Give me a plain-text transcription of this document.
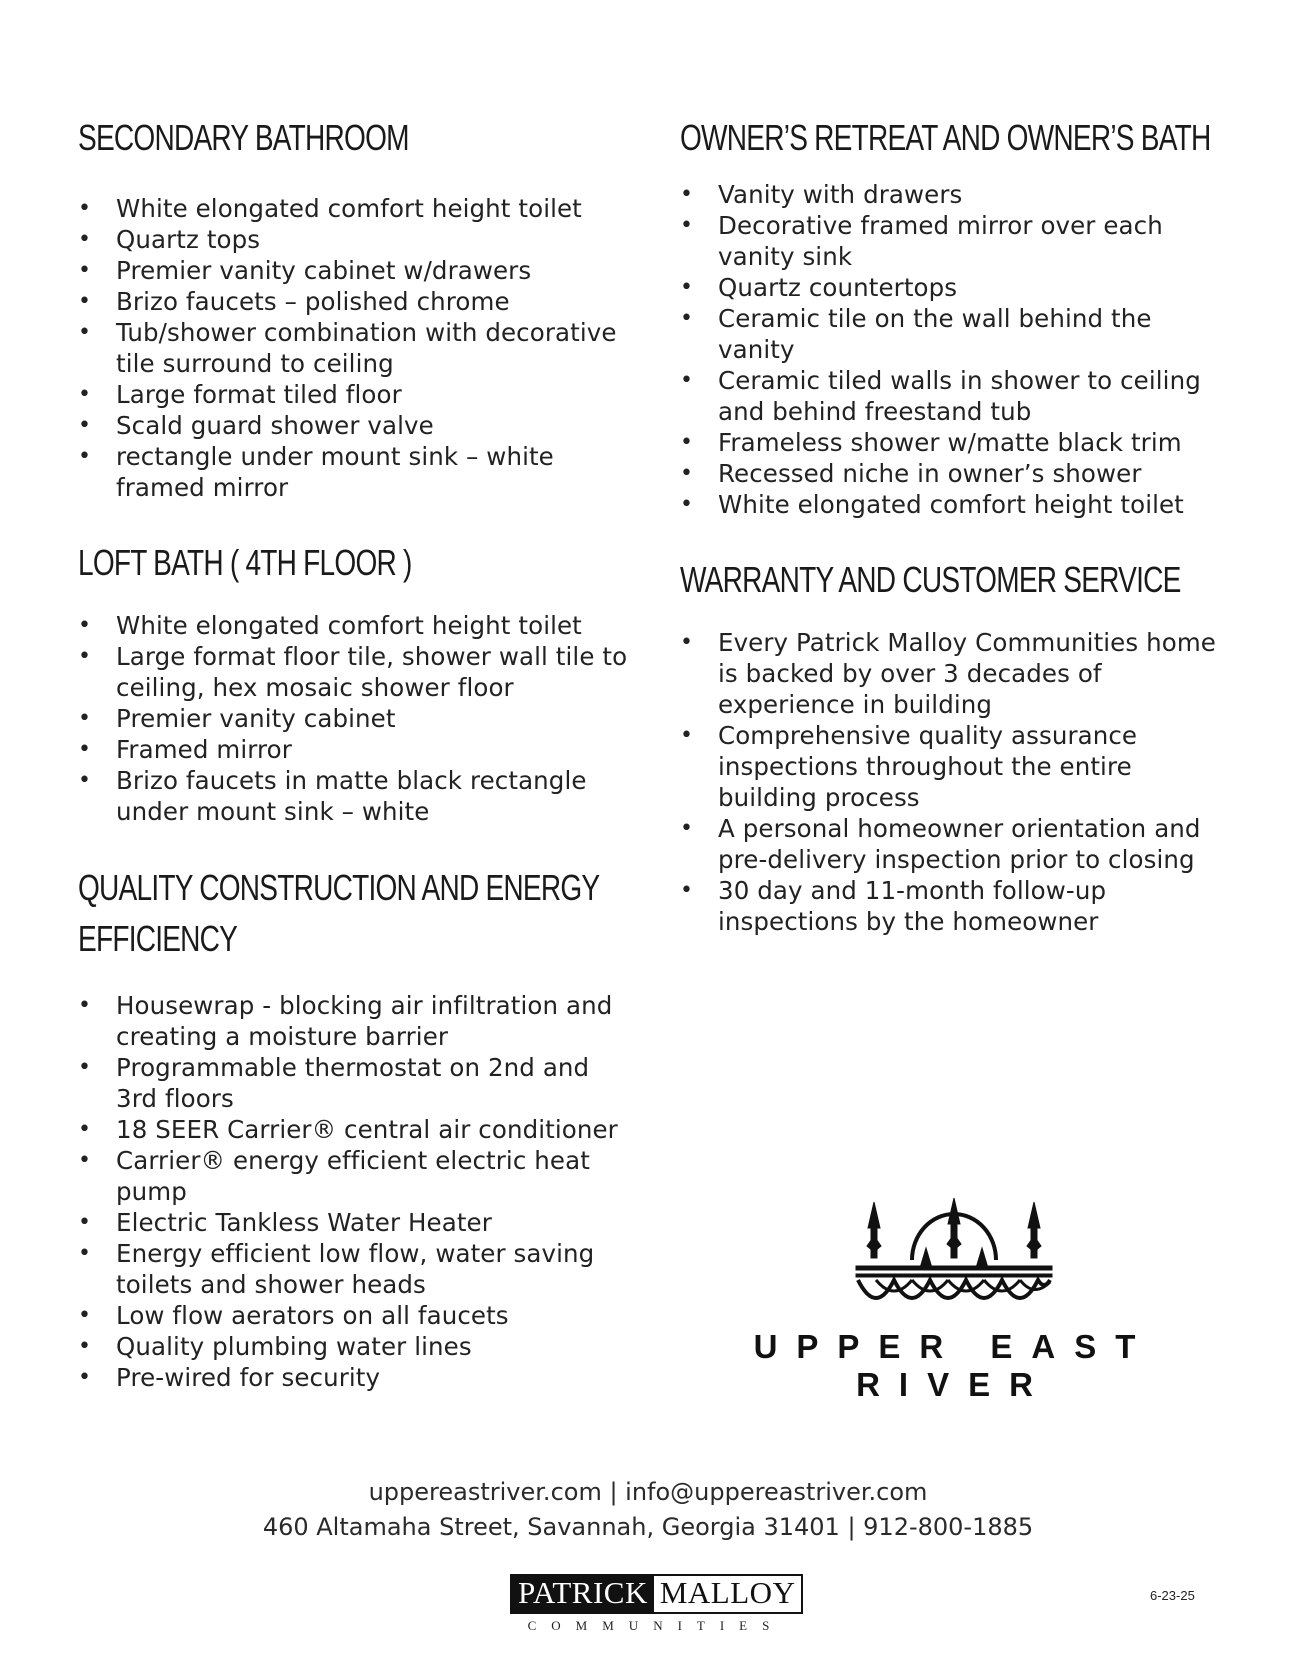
SECONDARY BATHROOM
• White elongated comfort height toilet
• Quartz tops
• Premier vanity cabinet w/drawers
• Brizo faucets – polished chrome
• Tub/shower combination with decorative tile surround to ceiling
• Large format tiled floor
• Scald guard shower valve
• rectangle under mount sink – white framed mirror
LOFT BATH ( 4TH FLOOR )
• White elongated comfort height toilet
• Large format floor tile, shower wall tile to ceiling, hex mosaic shower floor
• Premier vanity cabinet
• Framed mirror
• Brizo faucets in matte black rectangle under mount sink – white
QUALITY CONSTRUCTION AND ENERGY
EFFICIENCY
• Housewrap - blocking air infiltration and creating a moisture barrier
• Programmable thermostat on 2nd and 3rd floors
• 18 SEER Carrier® central air conditioner
• Carrier® energy efficient electric heat pump
• Electric Tankless Water Heater
• Energy efficient low flow, water saving toilets and shower heads
• Low flow aerators on all faucets
• Quality plumbing water lines
• Pre-wired for security
OWNER’S RETREAT AND OWNER’S BATH
• Vanity with drawers
• Decorative framed mirror over each vanity sink
• Quartz countertops
• Ceramic tile on the wall behind the vanity
• Ceramic tiled walls in shower to ceiling and behind freestand tub
• Frameless shower w/matte black trim
• Recessed niche in owner’s shower
• White elongated comfort height toilet
WARRANTY AND CUSTOMER SERVICE
• Every Patrick Malloy Communities home is backed by over 3 decades of experience in building
• Comprehensive quality assurance inspections throughout the entire building process
• A personal homeowner orientation and pre-delivery inspection prior to closing
• 30 day and 11-month follow-up inspections by the homeowner
UPPER EAST RIVER
uppereastriver.com | info@uppereastriver.com
460 Altamaha Street, Savannah, Georgia 31401 | 912-800-1885
PATRICK MALLOY
COMMUNITIES
6-23-25
